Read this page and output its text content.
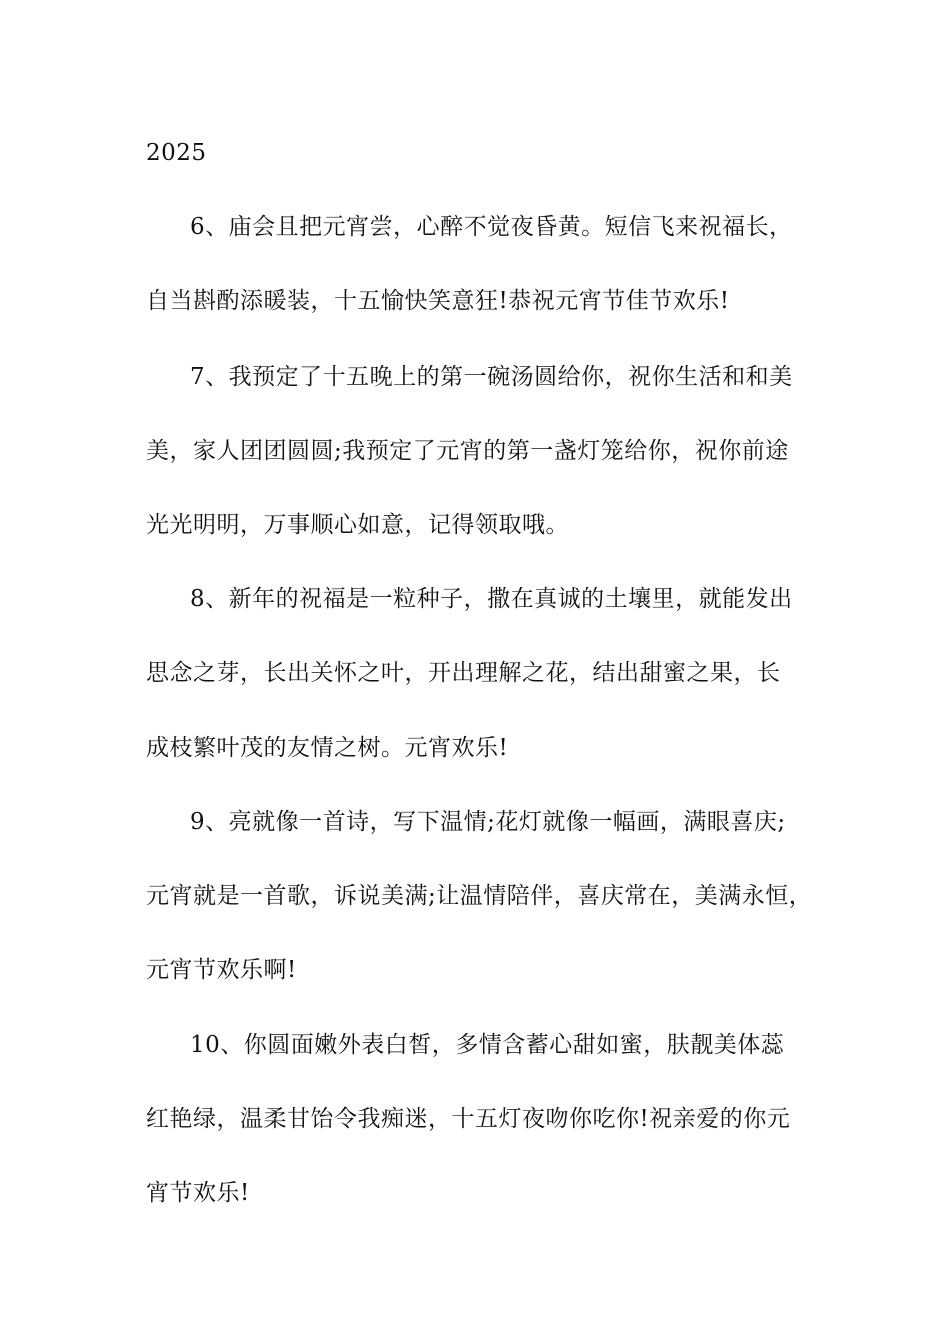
2025
6、庙会且把元宵尝，心醉不觉夜昏黄。短信飞来祝福长，
自当斟酌添暖装，十五愉快笑意狂!恭祝元宵节佳节欢乐!
7、我预定了十五晚上的第一碗汤圆给你，祝你生活和和美
美，家人团团圆圆;我预定了元宵的第一盏灯笼给你，祝你前途
光光明明，万事顺心如意，记得领取哦。
8、新年的祝福是一粒种子，撒在真诚的土壤里，就能发出
思念之芽，长出关怀之叶，开出理解之花，结出甜蜜之果，长
成枝繁叶茂的友情之树。元宵欢乐!
9、亮就像一首诗，写下温情;花灯就像一幅画，满眼喜庆;
元宵就是一首歌，诉说美满;让温情陪伴，喜庆常在，美满永恒，
元宵节欢乐啊!
10、你圆面嫩外表白皙，多情含蓄心甜如蜜，肤靓美体蕊
红艳绿，温柔甘饴令我痴迷，十五灯夜吻你吃你!祝亲爱的你元
宵节欢乐!
